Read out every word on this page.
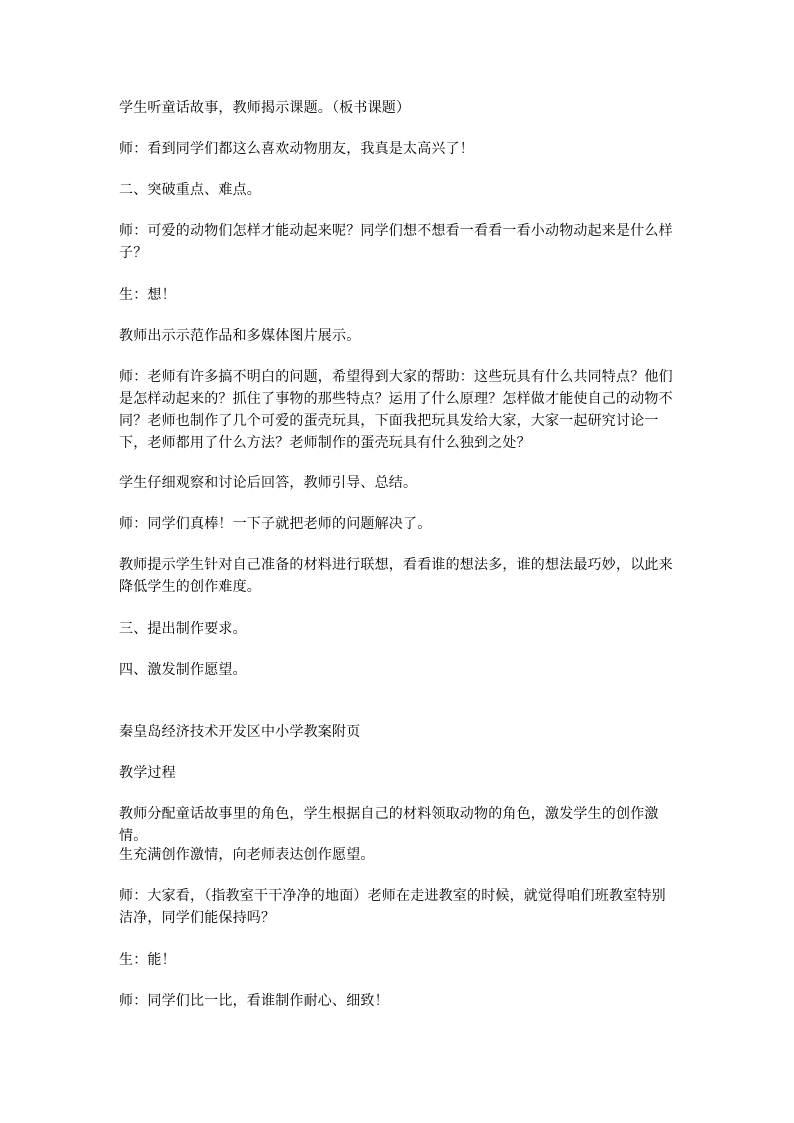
学生听童话故事，教师揭示课题。（板书课题）

师：看到同学们都这么喜欢动物朋友，我真是太高兴了！

二、突破重点、难点。

师：可爱的动物们怎样才能动起来呢？同学们想不想看一看看一看小动物动起来是什么样子？

生：想！

教师出示示范作品和多媒体图片展示。

师：老师有许多搞不明白的问题，希望得到大家的帮助：这些玩具有什么共同特点？他们是怎样动起来的？抓住了事物的那些特点？运用了什么原理？怎样做才能使自己的动物不同？老师也制作了几个可爱的蛋壳玩具，下面我把玩具发给大家，大家一起研究讨论一下，老师都用了什么方法？老师制作的蛋壳玩具有什么独到之处？

学生仔细观察和讨论后回答，教师引导、总结。

师：同学们真棒！一下子就把老师的问题解决了。

教师提示学生针对自己准备的材料进行联想，看看谁的想法多，谁的想法最巧妙，以此来降低学生的创作难度。

三、提出制作要求。

四、激发制作愿望。

秦皇岛经济技术开发区中小学教案附页

教学过程

教师分配童话故事里的角色，学生根据自己的材料领取动物的角色，激发学生的创作激情。

生充满创作激情，向老师表达创作愿望。

师：大家看，（指教室干干净净的地面）老师在走进教室的时候，就觉得咱们班教室特别洁净，同学们能保持吗？

生：能！

师：同学们比一比，看谁制作耐心、细致！
